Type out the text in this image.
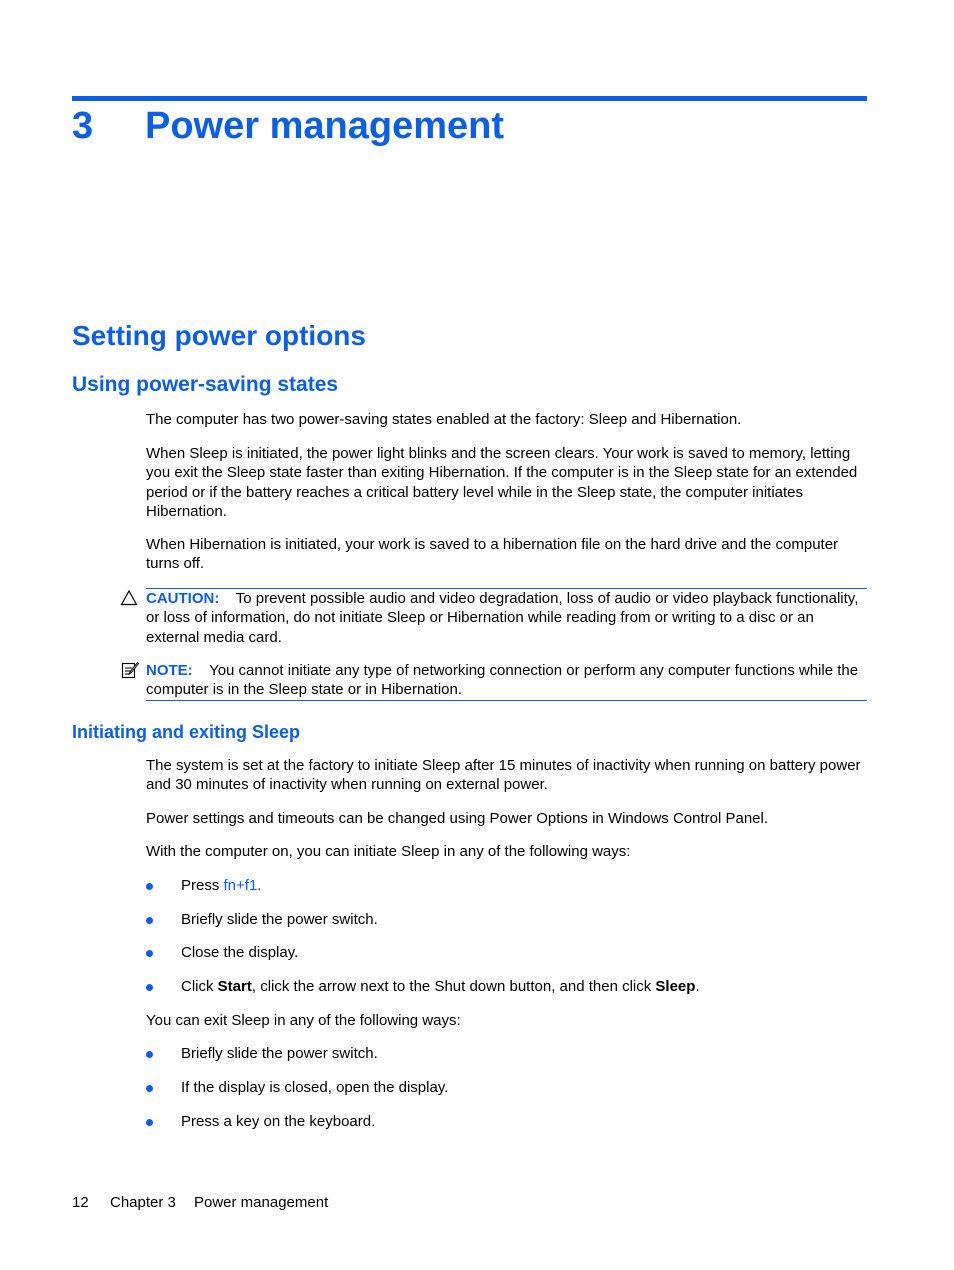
3 Power management
Setting power options
Using power-saving states
The computer has two power-saving states enabled at the factory: Sleep and Hibernation.
When Sleep is initiated, the power light blinks and the screen clears. Your work is saved to memory, letting you exit the Sleep state faster than exiting Hibernation. If the computer is in the Sleep state for an extended period or if the battery reaches a critical battery level while in the Sleep state, the computer initiates Hibernation.
When Hibernation is initiated, your work is saved to a hibernation file on the hard drive and the computer turns off.
CAUTION: To prevent possible audio and video degradation, loss of audio or video playback functionality, or loss of information, do not initiate Sleep or Hibernation while reading from or writing to a disc or an external media card.
NOTE: You cannot initiate any type of networking connection or perform any computer functions while the computer is in the Sleep state or in Hibernation.
Initiating and exiting Sleep
The system is set at the factory to initiate Sleep after 15 minutes of inactivity when running on battery power and 30 minutes of inactivity when running on external power.
Power settings and timeouts can be changed using Power Options in Windows Control Panel.
With the computer on, you can initiate Sleep in any of the following ways:
Press fn+f1.
Briefly slide the power switch.
Close the display.
Click Start, click the arrow next to the Shut down button, and then click Sleep.
You can exit Sleep in any of the following ways:
Briefly slide the power switch.
If the display is closed, open the display.
Press a key on the keyboard.
12 Chapter 3 Power management
